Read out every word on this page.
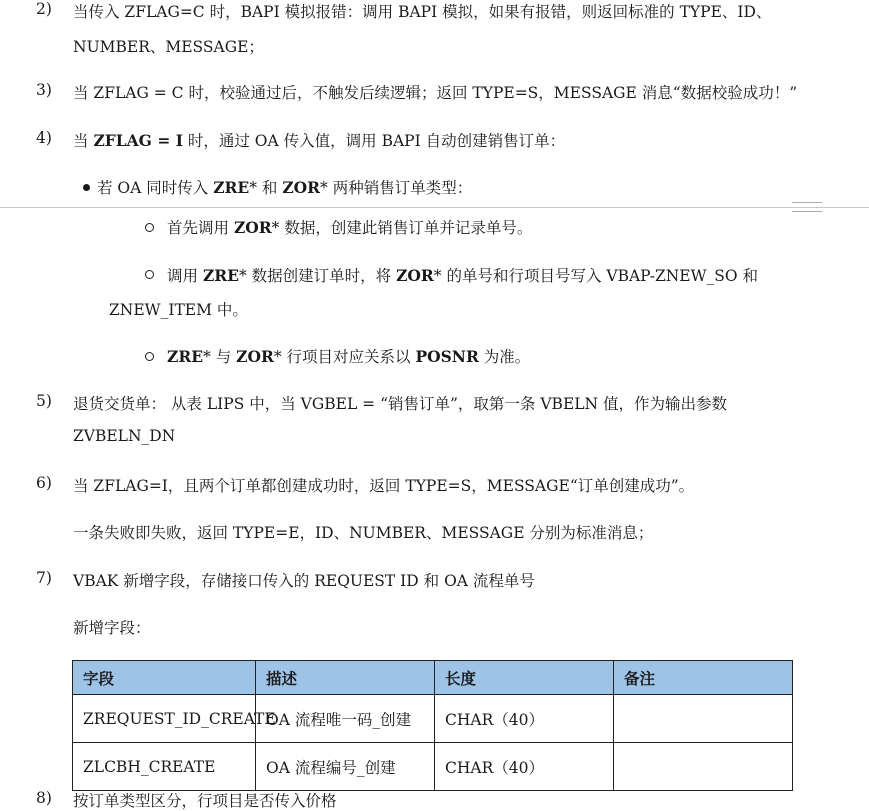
2) 当传入 ZFLAG=C 时，BAPI 模拟报错：调用 BAPI 模拟，如果有报错，则返回标准的 TYPE、ID、
NUMBER、MESSAGE；
3) 当 ZFLAG = C 时，校验通过后，不触发后续逻辑；返回 TYPE=S，MESSAGE 消息“数据校验成功！”
4) 当 ZFLAG = I 时，通过 OA 传入值，调用 BAPI 自动创建销售订单：
若 OA 同时传入 ZRE* 和 ZOR* 两种销售订单类型：
首先调用 ZOR* 数据，创建此销售订单并记录单号。
调用 ZRE* 数据创建订单时，将 ZOR* 的单号和行项目号写入 VBAP-ZNEW_SO 和
ZNEW_ITEM 中。
ZRE* 与 ZOR* 行项目对应关系以 POSNR 为准。
5) 退货交货单： 从表 LIPS 中，当 VGBEL = “销售订单”，取第一条 VBELN 值，作为输出参数
ZVBELN_DN
6) 当 ZFLAG=I，且两个订单都创建成功时，返回 TYPE=S，MESSAGE“订单创建成功”。
一条失败即失败，返回 TYPE=E，ID、NUMBER、MESSAGE 分别为标准消息；
7) VBAK 新增字段，存储接口传入的 REQUEST ID 和 OA 流程单号
新增字段：
字段	描述	长度	备注
ZREQUEST_ID_CREATE	OA 流程唯一码_创建	CHAR（40）	
ZLCBH_CREATE	OA 流程编号_创建	CHAR（40）	
8) 按订单类型区分，行项目是否传入价格
